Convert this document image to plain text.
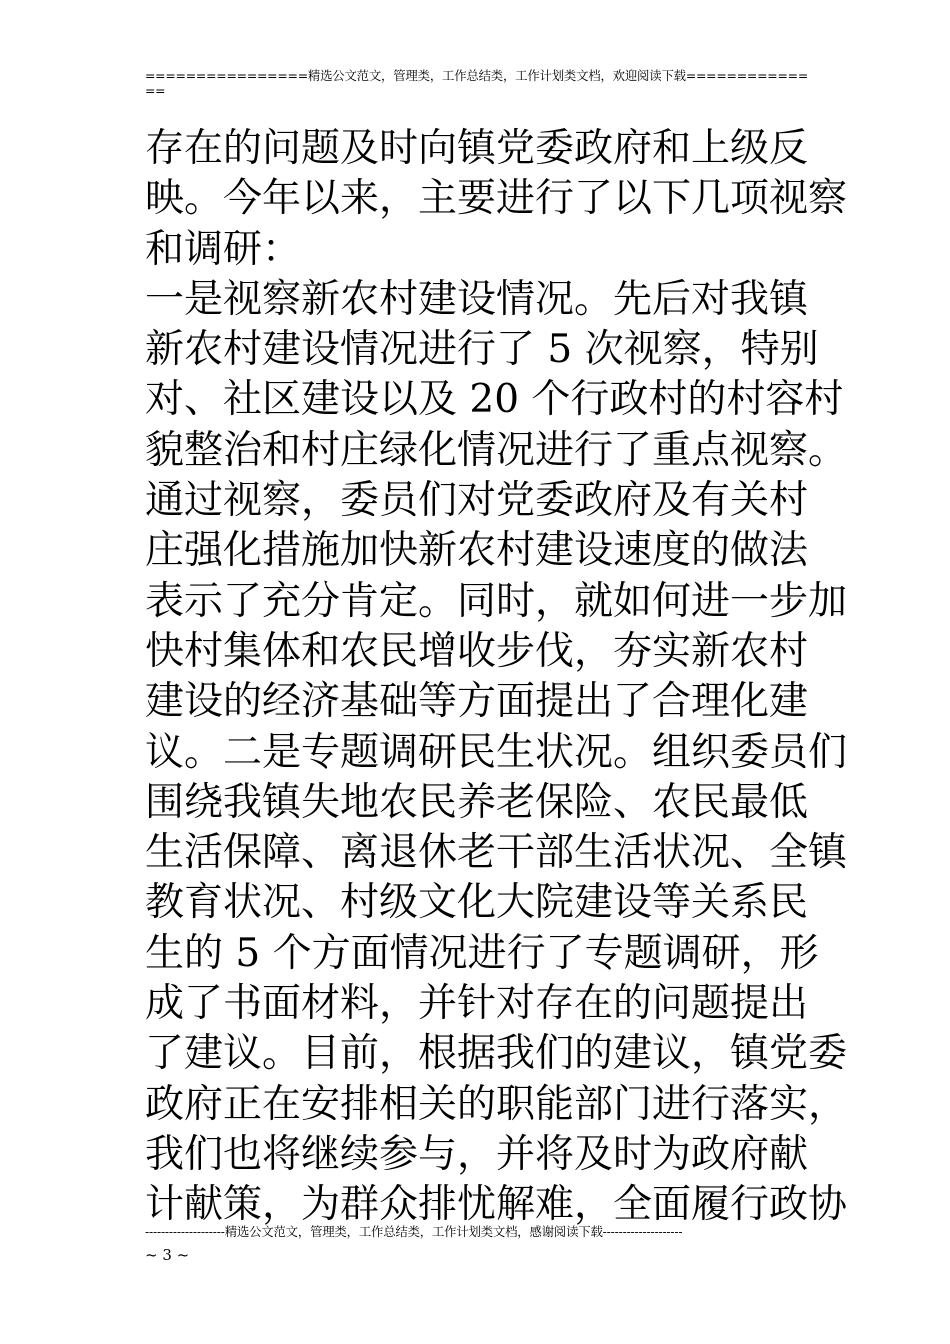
================精选公文范文，管理类，工作总结类，工作计划类文档，欢迎阅读下载==============
存在的问题及时向镇党委政府和上级反
映。今年以来，主要进行了以下几项视察
和调研：
一是视察新农村建设情况。先后对我镇
新农村建设情况进行了 5 次视察，特别
对、社区建设以及 20 个行政村的村容村
貌整治和村庄绿化情况进行了重点视察。
通过视察，委员们对党委政府及有关村
庄强化措施加快新农村建设速度的做法
表示了充分肯定。同时，就如何进一步加
快村集体和农民增收步伐，夯实新农村
建设的经济基础等方面提出了合理化建
议。二是专题调研民生状况。组织委员们
围绕我镇失地农民养老保险、农民最低
生活保障、离退休老干部生活状况、全镇
教育状况、村级文化大院建设等关系民
生的 5 个方面情况进行了专题调研，形
成了书面材料，并针对存在的问题提出
了建议。目前，根据我们的建议，镇党委
政府正在安排相关的职能部门进行落实，
我们也将继续参与，并将及时为政府献
计献策，为群众排忧解难，全面履行政协
--------------------精选公文范文，管理类，工作总结类，工作计划类文档，感谢阅读下载--------------------
~ 3 ~
